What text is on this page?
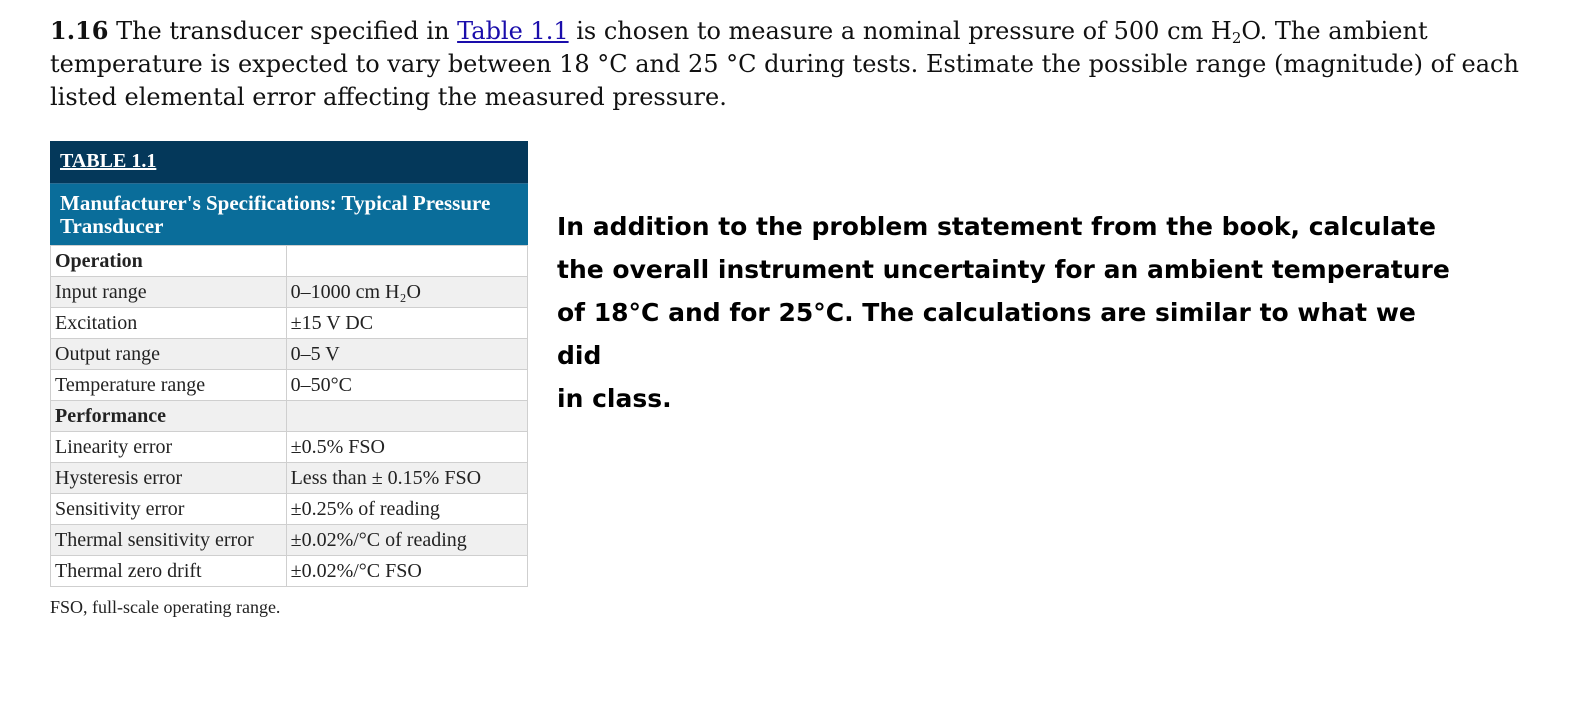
1.16 The transducer specified in Table 1.1 is chosen to measure a nominal pressure of 500 cm $H_2O$. The ambient temperature is expected to vary between 18 °C and 25 °C during tests. Estimate the possible range (magnitude) of each listed elemental error affecting the measured pressure.
TABLE 1.1
Manufacturer's Specifications: Typical Pressure Transducer
Operation	
Input range	0–1000 cm H₂O
Excitation	±15 V DC
Output range	0–5 V
Temperature range	0–50°C
Performance	
Linearity error	±0.5% FSO
Hysteresis error	Less than ± 0.15% FSO
Sensitivity error	±0.25% of reading
Thermal sensitivity error	±0.02%/°C of reading
Thermal zero drift	±0.02%/°C FSO
FSO, full-scale operating range.
In addition to the problem statement from the book, calculate
the overall instrument uncertainty for an ambient temperature
of 18°C and for 25°C. The calculations are similar to what we did
in class.
